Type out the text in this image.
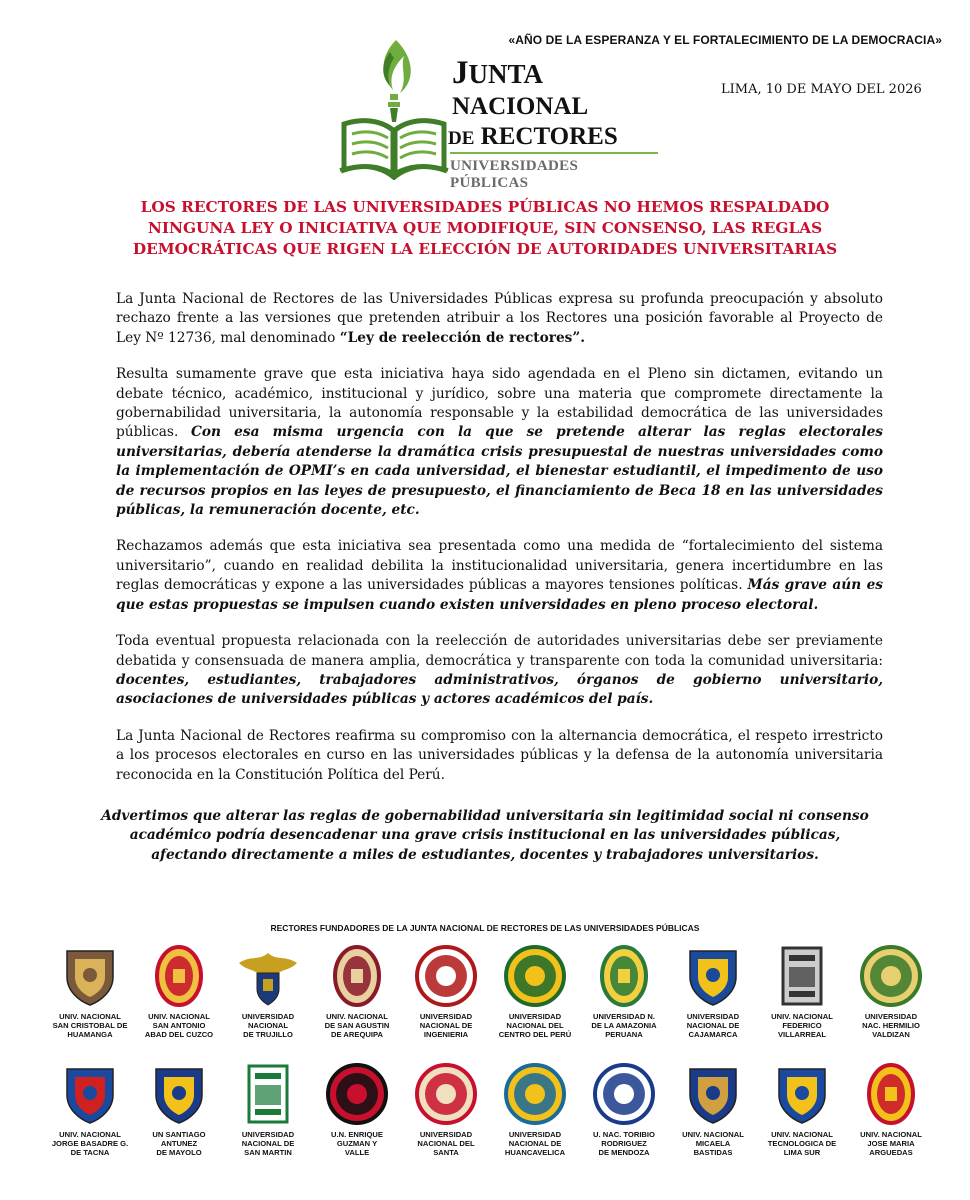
«AÑO DE LA ESPERANZA Y EL FORTALECIMIENTO DE LA DEMOCRACIA»
JUNTA
NACIONAL
DE RECTORES
UNIVERSIDADES PÚBLICAS
LIMA, 10 DE MAYO DEL 2026
LOS RECTORES DE LAS UNIVERSIDADES PÚBLICAS NO HEMOS RESPALDADO
NINGUNA LEY O INICIATIVA QUE MODIFIQUE, SIN CONSENSO, LAS REGLAS
DEMOCRÁTICAS QUE RIGEN LA ELECCIÓN DE AUTORIDADES UNIVERSITARIAS

La Junta Nacional de Rectores de las Universidades Públicas expresa su profunda preocupación y absoluto rechazo frente a las versiones que pretenden atribuir a los Rectores una posición favorable al Proyecto de Ley Nº 12736, mal denominado “Ley de reelección de rectores”.

Resulta sumamente grave que esta iniciativa haya sido agendada en el Pleno sin dictamen, evitando un debate técnico, académico, institucional y jurídico, sobre una materia que compromete directamente la gobernabilidad universitaria, la autonomía responsable y la estabilidad democrática de las universidades públicas. Con esa misma urgencia con la que se pretende alterar las reglas electorales universitarias, debería atenderse la dramática crisis presupuestal de nuestras universidades como la implementación de OPMI’s en cada universidad, el bienestar estudiantil, el impedimento de uso de recursos propios en las leyes de presupuesto, el financiamiento de Beca 18 en las universidades públicas, la remuneración docente, etc.

Rechazamos además que esta iniciativa sea presentada como una medida de “fortalecimiento del sistema universitario”, cuando en realidad debilita la institucionalidad universitaria, genera incertidumbre en las reglas democráticas y expone a las universidades públicas a mayores tensiones políticas. Más grave aún es que estas propuestas se impulsen cuando existen universidades en pleno proceso electoral.

Toda eventual propuesta relacionada con la reelección de autoridades universitarias debe ser previamente debatida y consensuada de manera amplia, democrática y transparente con toda la comunidad universitaria: docentes, estudiantes, trabajadores administrativos, órganos de gobierno universitario, asociaciones de universidades públicas y actores académicos del país.

La Junta Nacional de Rectores reafirma su compromiso con la alternancia democrática, el respeto irrestricto a los procesos electorales en curso en las universidades públicas y la defensa de la autonomía universitaria reconocida en la Constitución Política del Perú.

Advertimos que alterar las reglas de gobernabilidad universitaria sin legitimidad social ni consenso
académico podría desencadenar una grave crisis institucional en las universidades públicas,
afectando directamente a miles de estudiantes, docentes y trabajadores universitarios.
RECTORES FUNDADORES DE LA JUNTA NACIONAL DE RECTORES DE LAS UNIVERSIDADES PÚBLICAS
UNIV. NACIONAL
SAN CRISTOBAL DE
HUAMANGA
UNIV. NACIONAL
SAN ANTONIO
ABAD DEL CUZCO
UNIVERSIDAD
NACIONAL
DE TRUJILLO
UNIV. NACIONAL
DE SAN AGUSTIN
DE AREQUIPA
UNIVERSIDAD
NACIONAL DE
INGENIERIA
UNIVERSIDAD
NACIONAL DEL
CENTRO DEL PERÚ
UNIVERSIDAD N.
DE LA AMAZONIA
PERUANA
UNIVERSIDAD
NACIONAL DE
CAJAMARCA
UNIV. NACIONAL
FEDERICO
VILLARREAL
UNIVERSIDAD
NAC. HERMILIO
VALDIZAN
UNIV. NACIONAL
JORGE BASADRE G.
DE TACNA
UN SANTIAGO
ANTUNEZ
DE MAYOLO
UNIVERSIDAD
NACIONAL DE
SAN MARTIN
U.N. ENRIQUE
GUZMAN Y
VALLE
UNIVERSIDAD
NACIONAL DEL
SANTA
UNIVERSIDAD
NACIONAL DE
HUANCAVELICA
U. NAC. TORIBIO
RODRIGUEZ
DE MENDOZA
UNIV. NACIONAL
MICAELA
BASTIDAS
UNIV. NACIONAL
TECNOLOGICA DE
LIMA SUR
UNIV. NACIONAL
JOSE MARIA
ARGUEDAS
